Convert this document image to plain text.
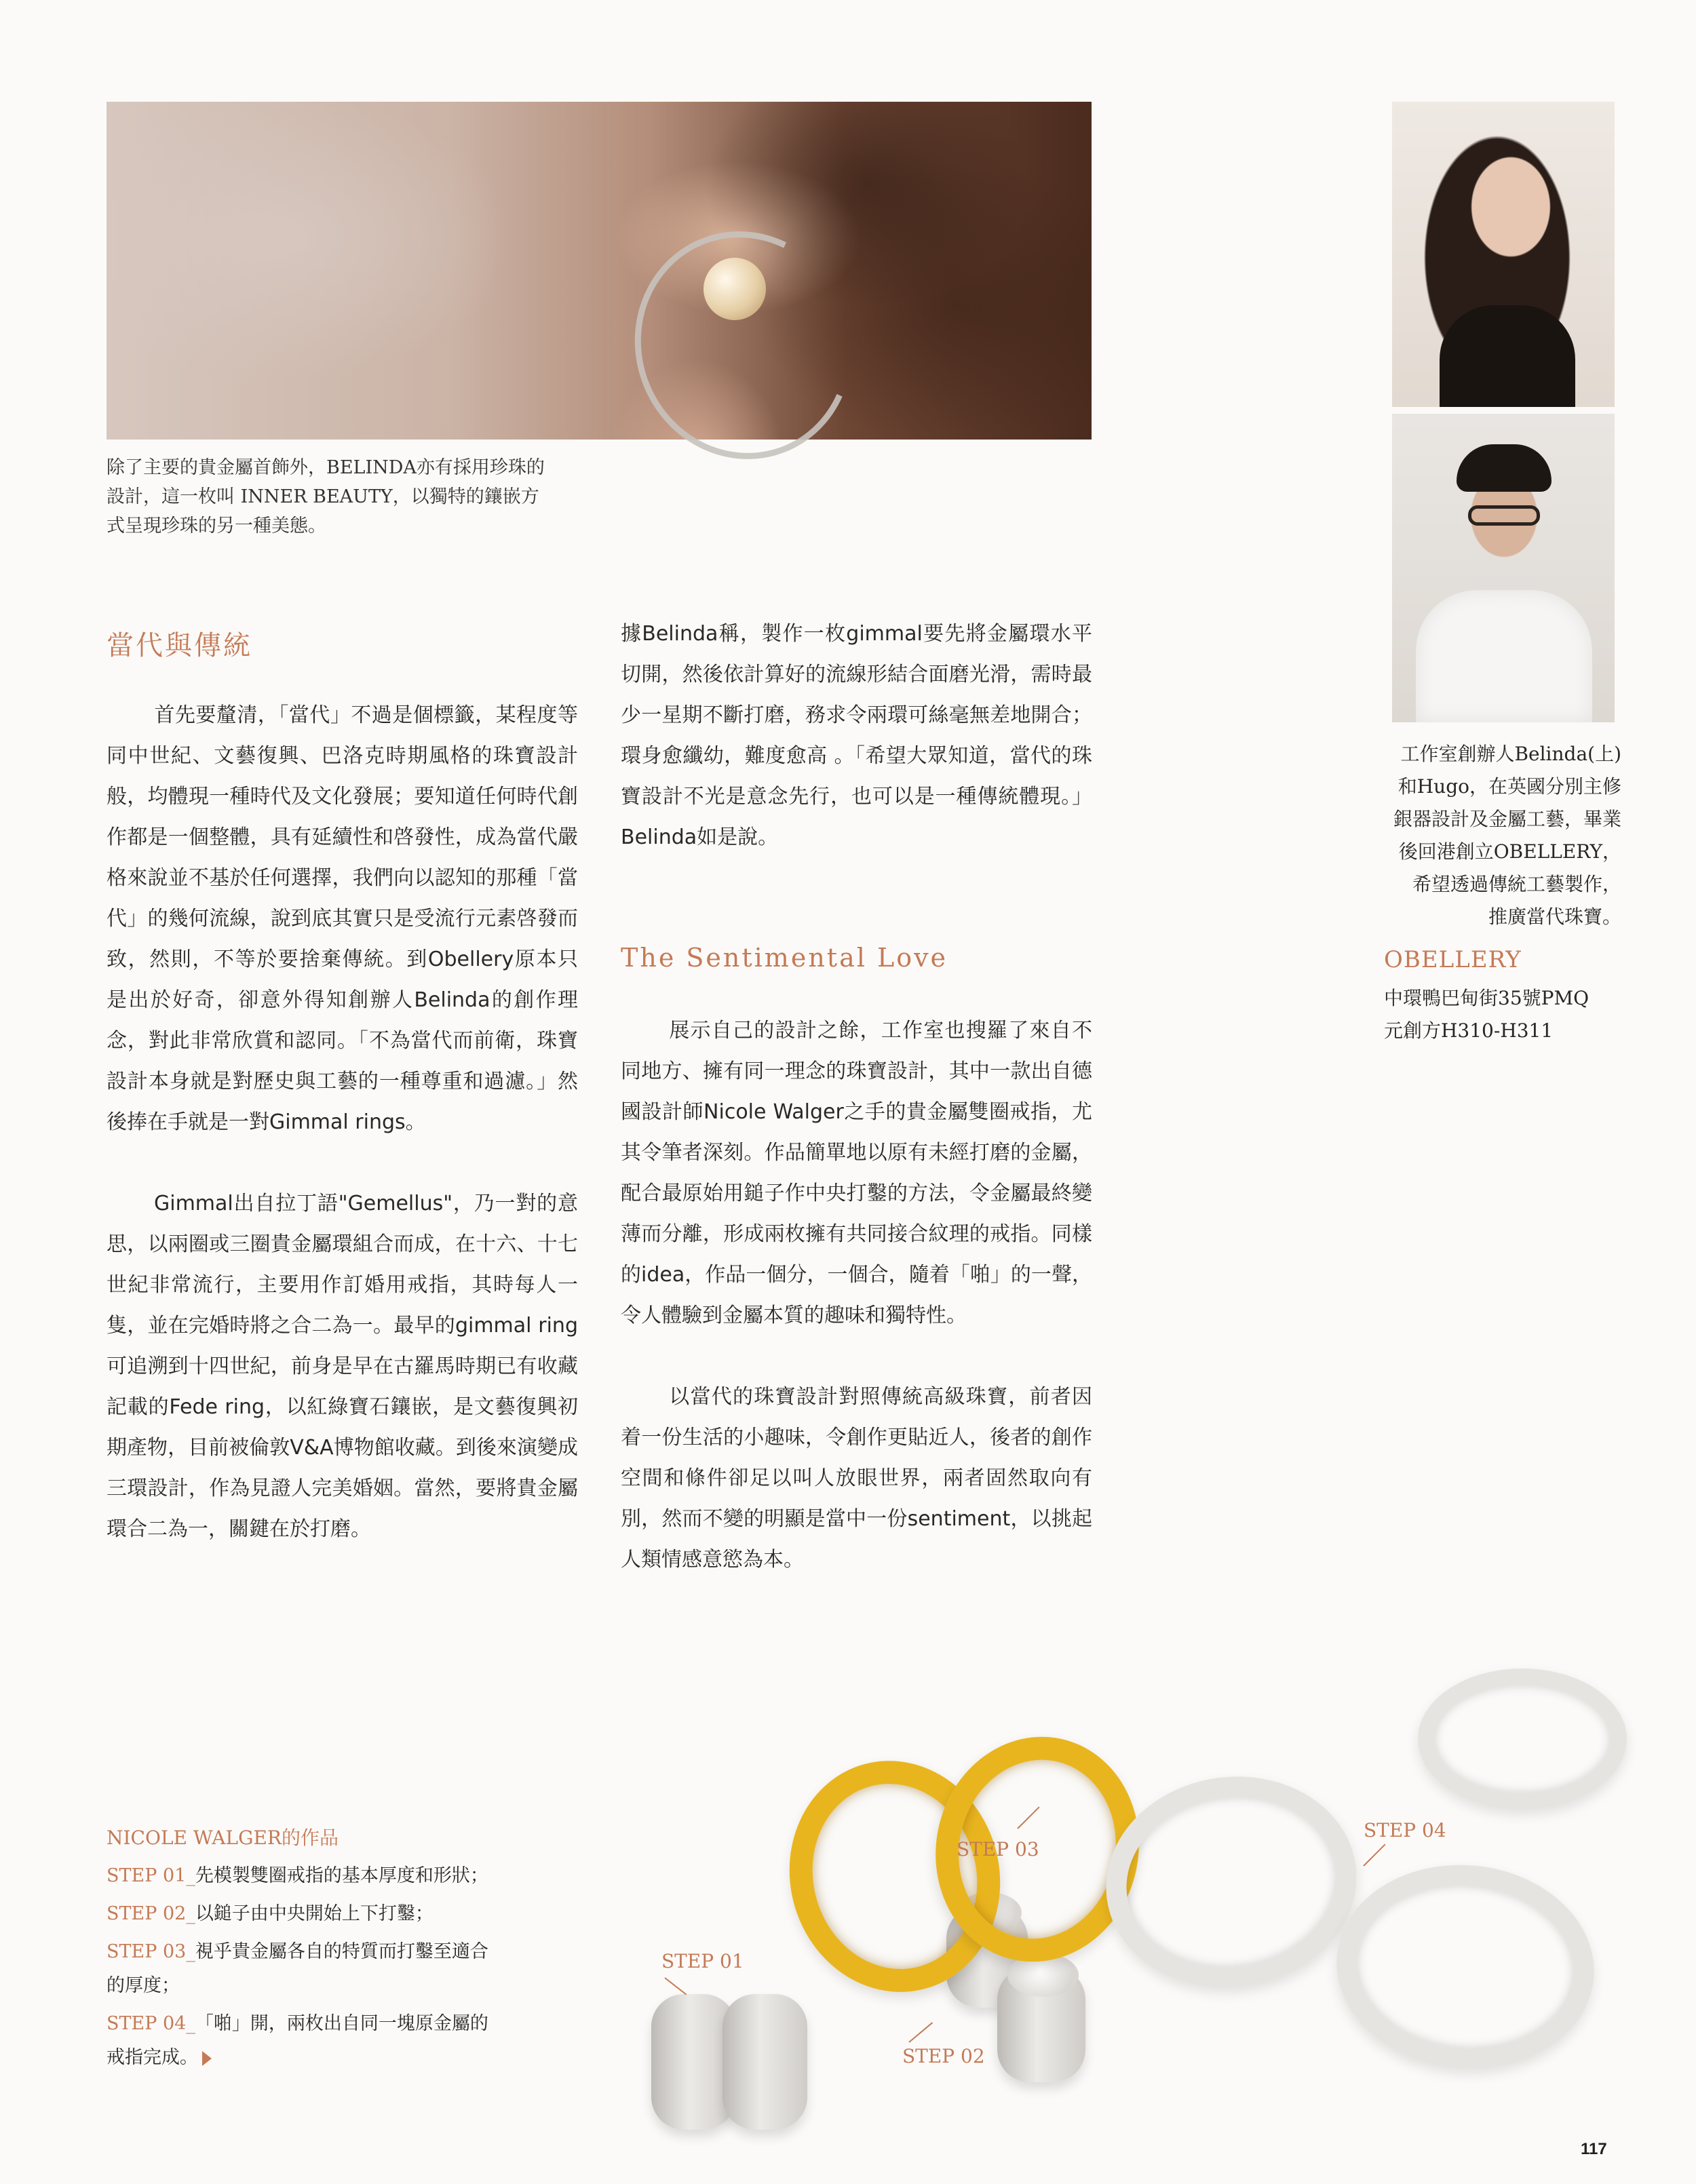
除了主要的貴金屬首飾外，BELINDA亦有採用珍珠的
設計，這一枚叫 INNER BEAUTY，以獨特的鑲嵌方
式呈現珍珠的另一種美態。
工作室創辦人Belinda(上)
和Hugo，在英國分別主修
銀器設計及金屬工藝，畢業
後回港創立OBELLERY，
希望透過傳統工藝製作，
推廣當代珠寶。
OBELLERY
中環鴨巴甸街35號PMQ
元創方H310-H311
當代與傳統

首先要釐清，「當代」不過是個標籤，某程度等同中世紀、文藝復興、巴洛克時期風格的珠寶設計般，均體現一種時代及文化發展；要知道任何時代創作都是一個整體，具有延續性和啓發性，成為當代嚴格來說並不基於任何選擇，我們向以認知的那種「當代」的幾何流線，說到底其實只是受流行元素啓發而致，然則，不等於要捨棄傳統。到Obellery原本只是出於好奇，卻意外得知創辦人Belinda的創作理念，對此非常欣賞和認同。「不為當代而前衛，珠寶設計本身就是對歷史與工藝的一種尊重和過濾。」然後捧在手就是一對Gimmal rings。

Gimmal出自拉丁語"Gemellus"，乃一對的意思，以兩圈或三圈貴金屬環組合而成，在十六、十七世紀非常流行，主要用作訂婚用戒指，其時每人一隻，並在完婚時將之合二為一。最早的gimmal ring可追溯到十四世紀，前身是早在古羅馬時期已有收藏記載的Fede ring，以紅綠寶石鑲嵌，是文藝復興初期產物，目前被倫敦V&A博物館收藏。到後來演變成三環設計，作為見證人完美婚姻。當然，要將貴金屬環合二為一，關鍵在於打磨。

據Belinda稱，製作一枚gimmal要先將金屬環水平切開，然後依計算好的流線形結合面磨光滑，需時最少一星期不斷打磨，務求令兩環可絲毫無差地開合；環身愈纖幼，難度愈高 。「希望大眾知道，當代的珠寶設計不光是意念先行，也可以是一種傳統體現。」Belinda如是說。

The Sentimental Love

展示自己的設計之餘，工作室也搜羅了來自不同地方、擁有同一理念的珠寶設計，其中一款出自德國設計師Nicole Walger之手的貴金屬雙圈戒指，尤其令筆者深刻。作品簡單地以原有未經打磨的金屬，配合最原始用鎚子作中央打鑿的方法，令金屬最終變薄而分離，形成兩枚擁有共同接合紋理的戒指。同樣的idea，作品一個分，一個合，隨着「啪」的一聲，令人體驗到金屬本質的趣味和獨特性。

以當代的珠寶設計對照傳統高級珠寶，前者因着一份生活的小趣味，令創作更貼近人，後者的創作空間和條件卻足以叫人放眼世界，兩者固然取向有別，然而不變的明顯是當中一份sentiment，以挑起人類情感意慾為本。

NICOLE WALGER的作品
STEP 01_先模製雙圈戒指的基本厚度和形狀；
STEP 02_以鎚子由中央開始上下打鑿；
STEP 03_視乎貴金屬各自的特質而打鑿至適合
的厚度；
STEP 04_「啪」開，兩枚出自同一塊原金屬的
戒指完成。
STEP 01
STEP 02
STEP 03
STEP 04
117
